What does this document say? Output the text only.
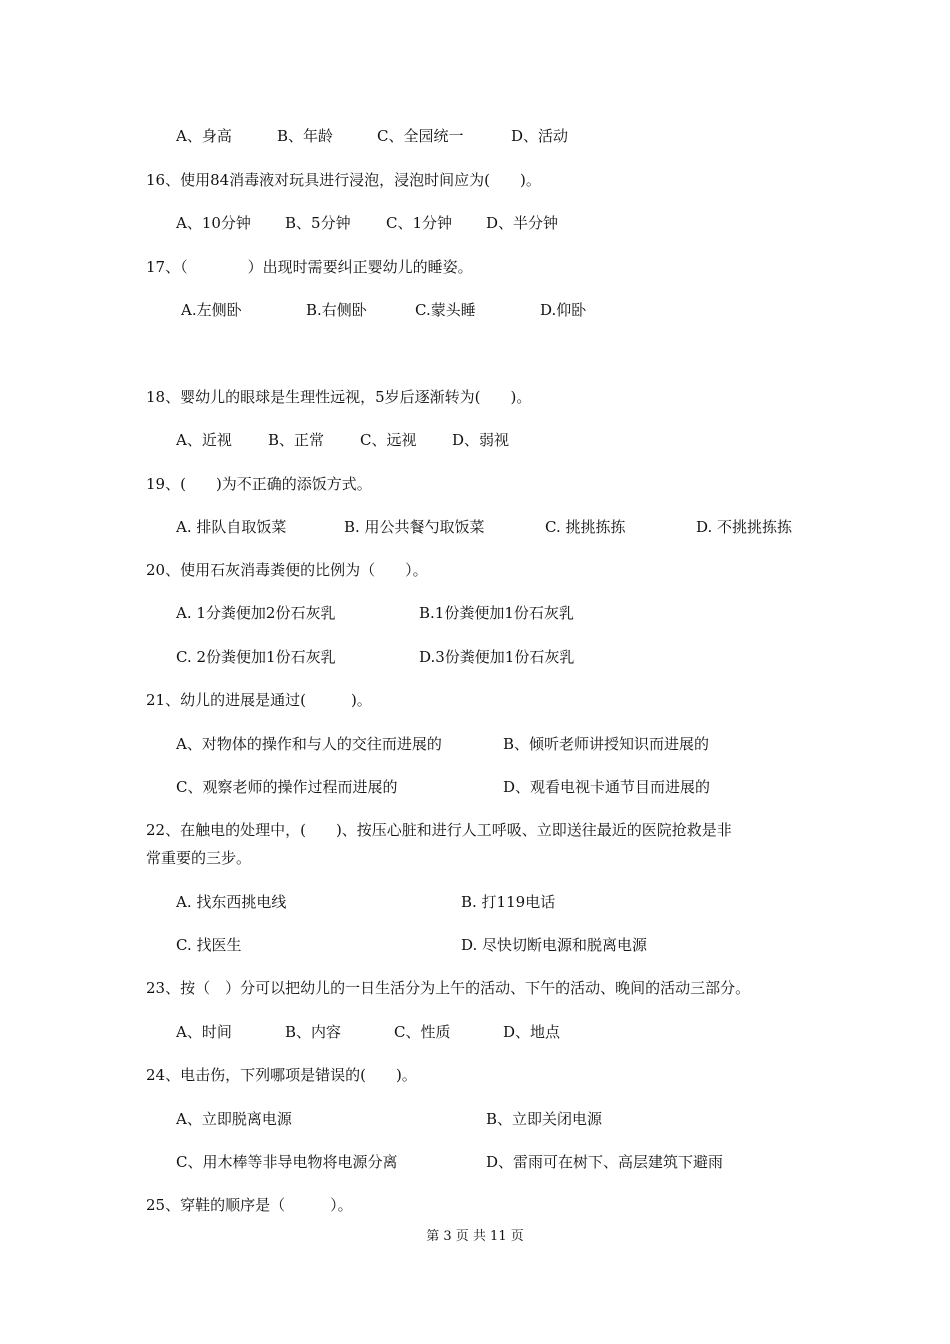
A、身高	B、年龄	C、全园统一	D、活动
16、使用84消毒液对玩具进行浸泡，浸泡时间应为(　　)。
A、10分钟 B、5分钟 C、1分钟 D、半分钟
17、（　　　　）出现时需要纠正婴幼儿的睡姿。
A.左侧卧	B.右侧卧	C.蒙头睡	D.仰卧
18、婴幼儿的眼球是生理性远视，5岁后逐渐转为(　　)。
A、近视 B、正常 C、远视 D、弱视
19、(　　)为不正确的添饭方式。
A. 排队自取饭菜	B. 用公共餐勺取饭菜	C. 挑挑拣拣	D. 不挑挑拣拣
20、使用石灰消毒粪便的比例为（　　）。
A. 1分粪便加2份石灰乳	B.1份粪便加1份石灰乳
C. 2份粪便加1份石灰乳	D.3份粪便加1份石灰乳
21、幼儿的进展是通过(　　　)。
A、对物体的操作和与人的交往而进展的	B、倾听老师讲授知识而进展的
C、观察老师的操作过程而进展的	D、观看电视卡通节目而进展的
22、在触电的处理中，(　　)、按压心脏和进行人工呼吸、立即送往最近的医院抢救是非
常重要的三步。
A. 找东西挑电线	B. 打119电话
C. 找医生	D. 尽快切断电源和脱离电源
23、按（　）分可以把幼儿的一日生活分为上午的活动、下午的活动、晚间的活动三部分。
A、时间	B、内容	C、性质	D、地点
24、电击伤，下列哪项是错误的(　　)。
A、立即脱离电源	B、立即关闭电源
C、用木棒等非导电物将电源分离	D、雷雨可在树下、高层建筑下避雨
25、穿鞋的顺序是（　　　）。
第 3 页 共 11 页
